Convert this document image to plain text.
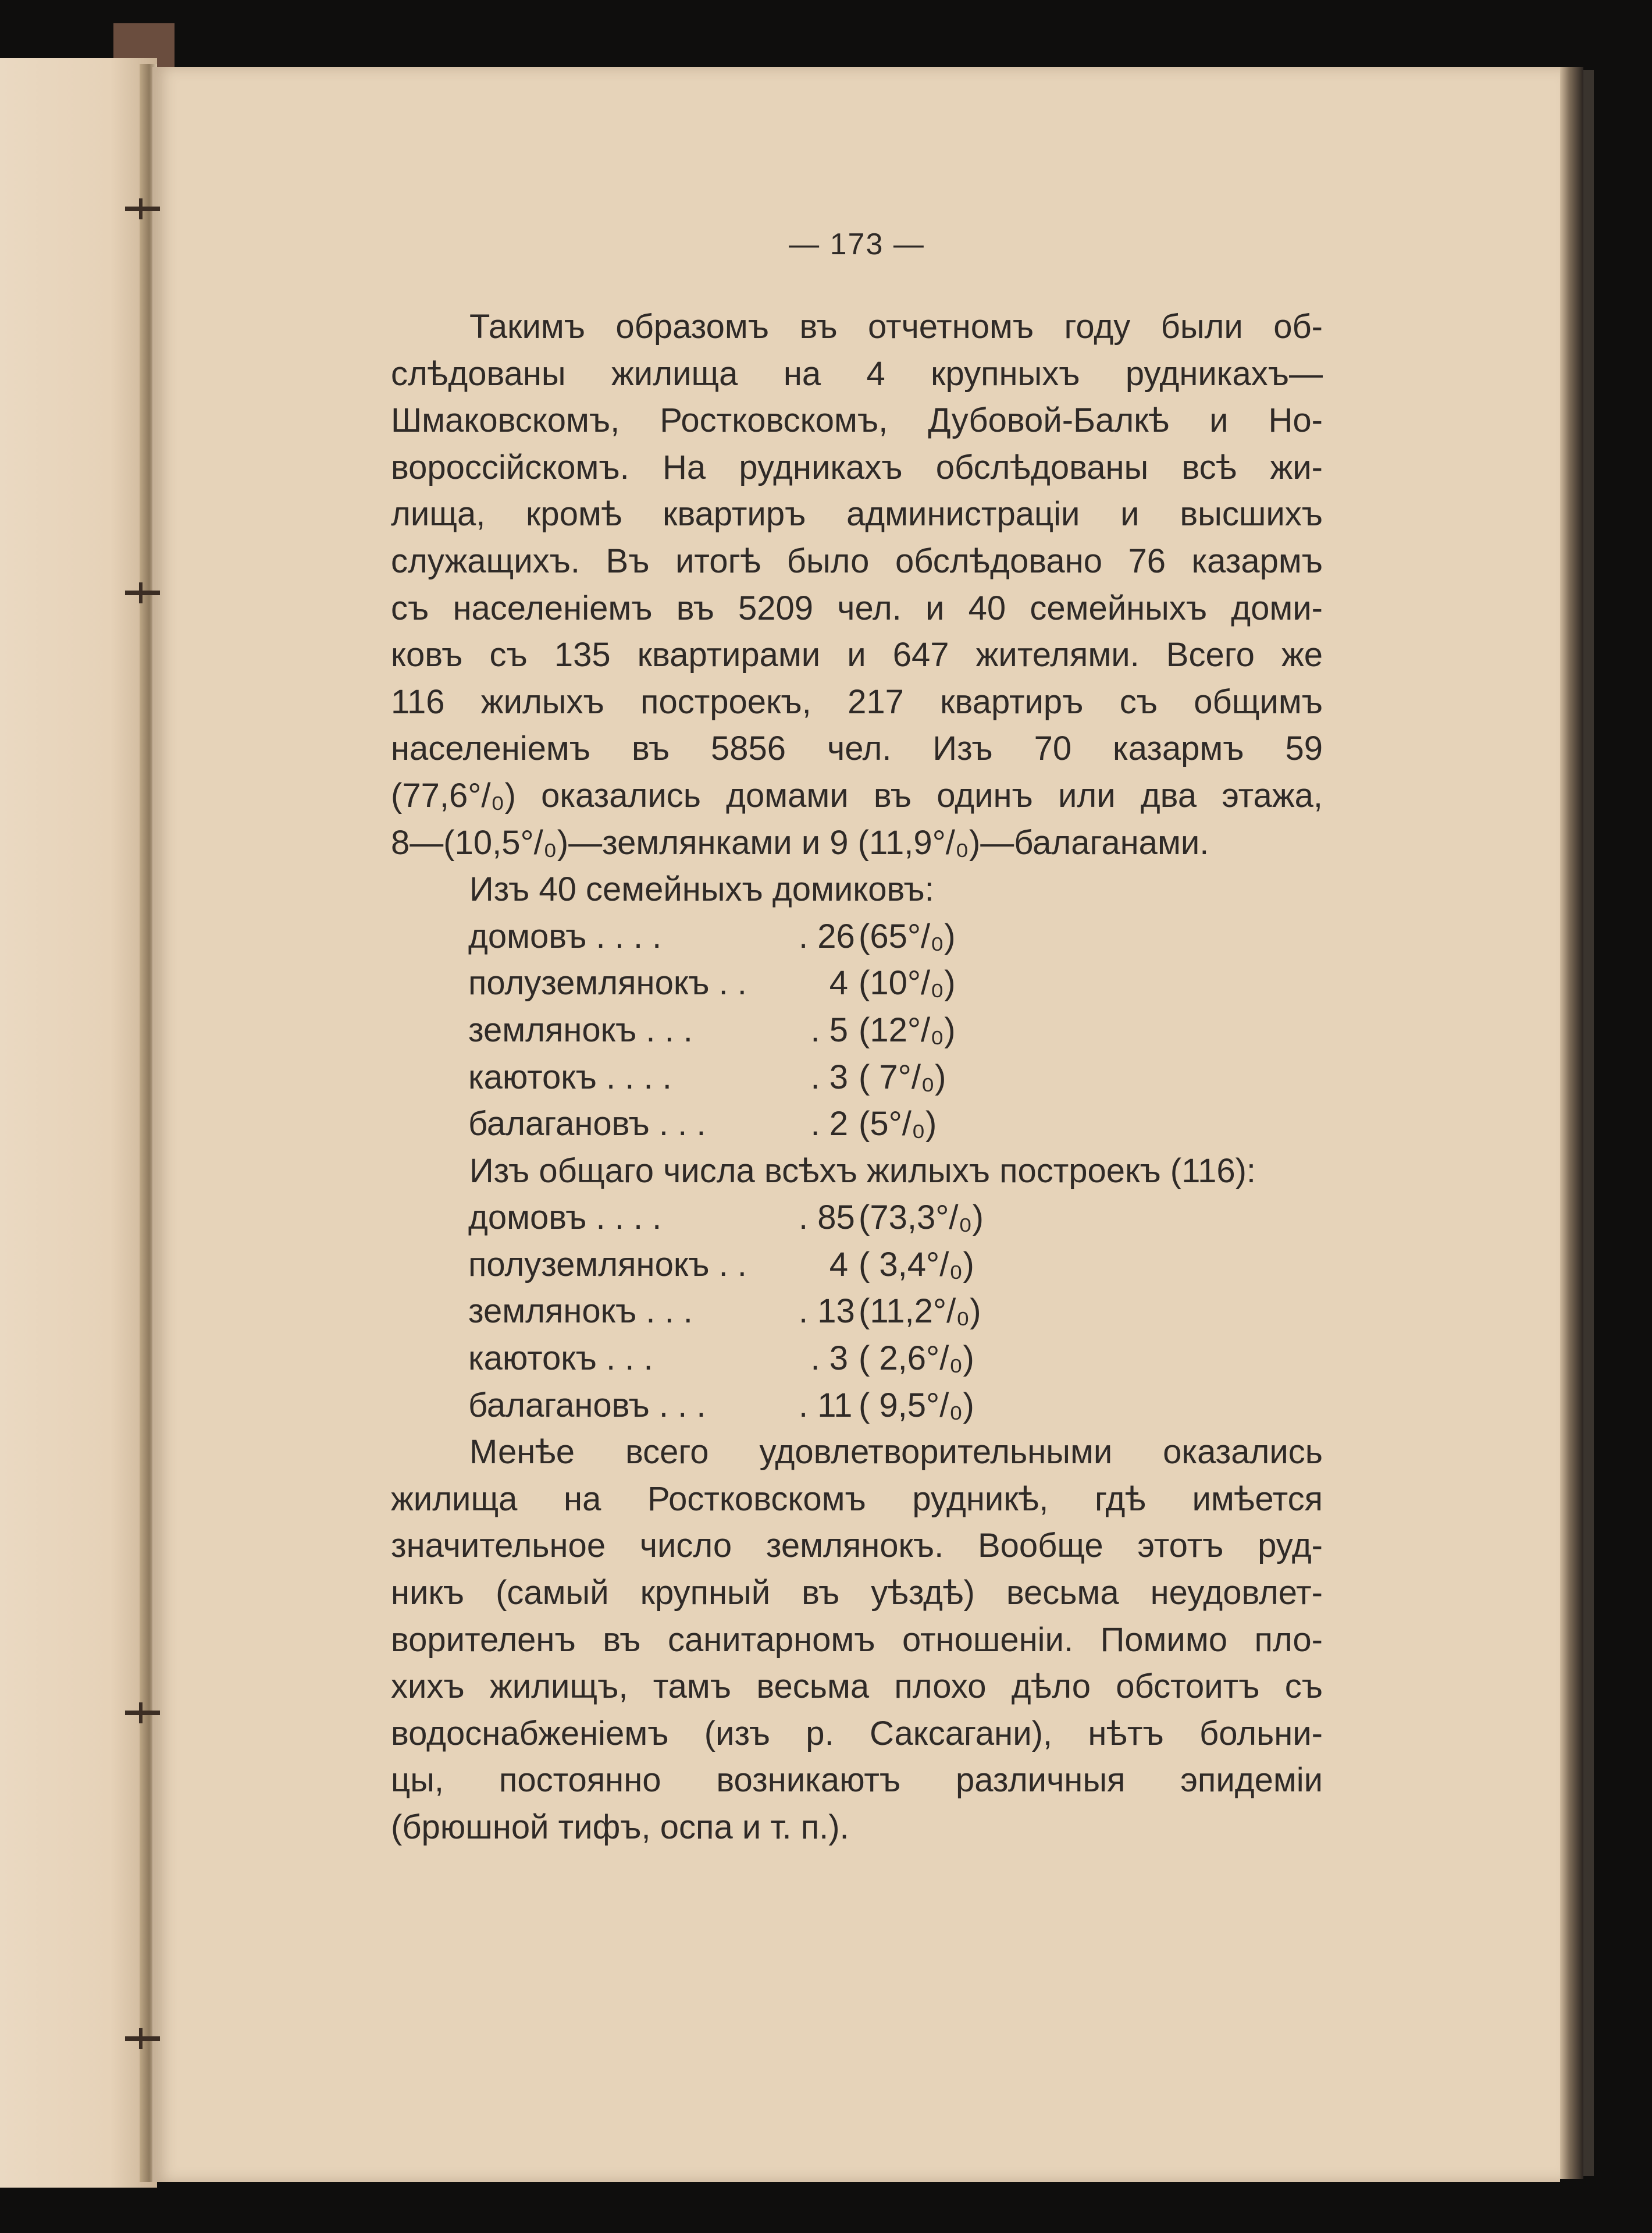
— 173 —
Такимъ образомъ въ отчетномъ году были об-
слѣдованы жилища на 4 крупныхъ рудникахъ—
Шмаковскомъ, Ростковскомъ, Дубовой-Балкѣ и Но-
вороссійскомъ. На рудникахъ обслѣдованы всѣ жи-
лища, кромѣ квартиръ администраціи и высшихъ
служащихъ. Въ итогѣ было обслѣдовано 76 казармъ
съ населеніемъ въ 5209 чел. и 40 семейныхъ доми-
ковъ съ 135 квартирами и 647 жителями. Всего же
116 жилыхъ построекъ, 217 квартиръ съ общимъ
населеніемъ въ 5856 чел. Изъ 70 казармъ 59
(77,6°/₀) оказались домами въ одинъ или два этажа,
8—(10,5°/₀)—землянками и 9 (11,9°/₀)—балаганами.
Изъ 40 семейныхъ домиковъ:
домовъ . . . .	. 26 (65°/₀)
полуземлянокъ . .	4 (10°/₀)
землянокъ . . .	. 5 (12°/₀)
каютокъ . . . .	. 3 ( 7°/₀)
балагановъ . . .	. 2 (5°/₀)
Изъ общаго числа всѣхъ жилыхъ построекъ (116):
домовъ . . . .	. 85 (73,3°/₀)
полуземлянокъ . .	4 ( 3,4°/₀)
землянокъ . . .	. 13 (11,2°/₀)
каютокъ . . .	. 3 ( 2,6°/₀)
балагановъ . . .	. 11 ( 9,5°/₀)
Менѣе всего удовлетворительными оказались
жилища на Ростковскомъ рудникѣ, гдѣ имѣется
значительное число землянокъ. Вообще этотъ руд-
никъ (самый крупный въ уѣздѣ) весьма неудовлет-
ворителенъ въ санитарномъ отношеніи. Помимо пло-
хихъ жилищъ, тамъ весьма плохо дѣло обстоитъ съ
водоснабженіемъ (изъ р. Саксагани), нѣтъ больни-
цы, постоянно возникаютъ различныя эпидеміи
(брюшной тифъ, оспа и т. п.).
